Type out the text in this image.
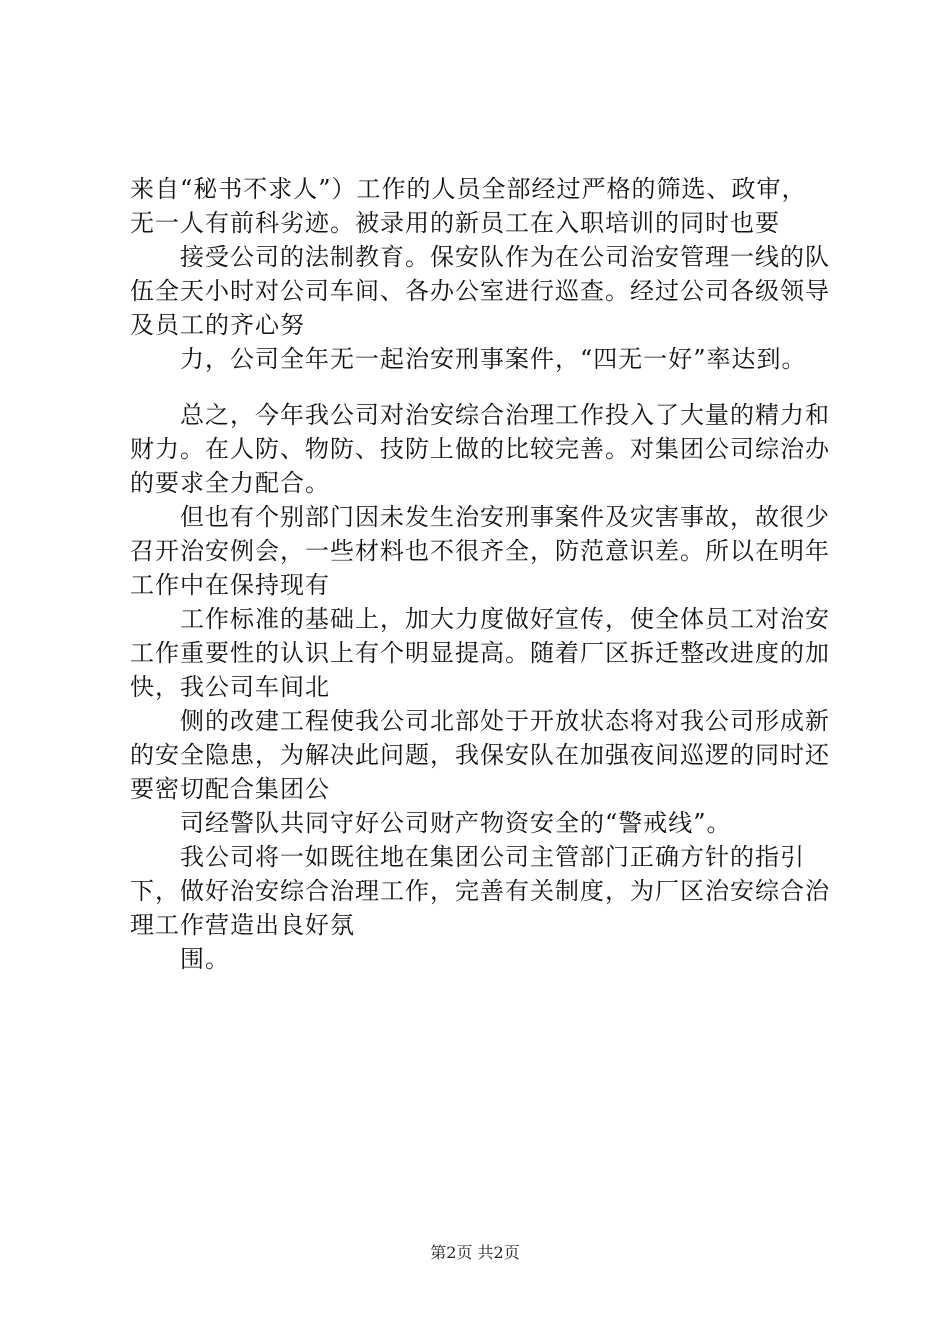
来自“秘书不求人”）工作的人员全部经过严格的筛选、政审，无一人有前科劣迹。被录用的新员工在入职培训的同时也要

接受公司的法制教育。保安队作为在公司治安管理一线的队伍全天小时对公司车间、各办公室进行巡查。经过公司各级领导及员工的齐心努

力，公司全年无一起治安刑事案件，“四无一好”率达到。

总之，今年我公司对治安综合治理工作投入了大量的精力和财力。在人防、物防、技防上做的比较完善。对集团公司综治办的要求全力配合。

但也有个别部门因未发生治安刑事案件及灾害事故，故很少召开治安例会，一些材料也不很齐全，防范意识差。所以在明年工作中在保持现有

工作标准的基础上，加大力度做好宣传，使全体员工对治安工作重要性的认识上有个明显提高。随着厂区拆迁整改进度的加快，我公司车间北

侧的改建工程使我公司北部处于开放状态将对我公司形成新的安全隐患，为解决此问题，我保安队在加强夜间巡逻的同时还要密切配合集团公

司经警队共同守好公司财产物资安全的“警戒线”。

我公司将一如既往地在集团公司主管部门正确方针的指引下，做好治安综合治理工作，完善有关制度，为厂区治安综合治理工作营造出良好氛

围。

第2页 共2页
